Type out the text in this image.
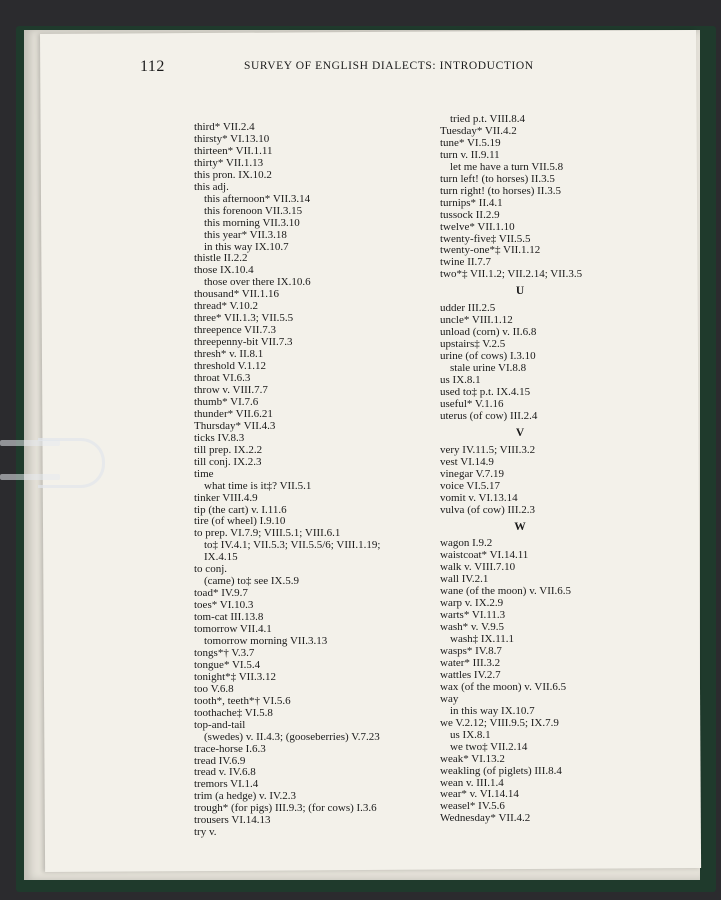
112	SURVEY OF ENGLISH DIALECTS: INTRODUCTION
third* VII.2.4
thirsty* VI.13.10
thirteen* VII.1.11
thirty* VII.1.13
this pron. IX.10.2
this adj.
this afternoon* VII.3.14
this forenoon VII.3.15
this morning VII.3.10
this year* VII.3.18
in this way IX.10.7
thistle II.2.2
those IX.10.4
those over there IX.10.6
thousand* VII.1.16
thread* V.10.2
three* VII.1.3; VII.5.5
threepence VII.7.3
threepenny-bit VII.7.3
thresh* v. II.8.1
threshold V.1.12
throat VI.6.3
throw v. VIII.7.7
thumb* VI.7.6
thunder* VII.6.21
Thursday* VII.4.3
ticks IV.8.3
till prep. IX.2.2
till conj. IX.2.3
time
what time is it‡? VII.5.1
tinker VIII.4.9
tip (the cart) v. I.11.6
tire (of wheel) I.9.10
to prep. VI.7.9; VIII.5.1; VIII.6.1
to‡ IV.4.1; VII.5.3; VII.5.5/6; VIII.1.19;
IX.4.15
to conj.
(came) to‡ see IX.5.9
toad* IV.9.7
toes* VI.10.3
tom-cat III.13.8
tomorrow VII.4.1
tomorrow morning VII.3.13
tongs*† V.3.7
tongue* VI.5.4
tonight*‡ VII.3.12
too V.6.8
tooth*, teeth*† VI.5.6
toothache‡ VI.5.8
top-and-tail
(swedes) v. II.4.3; (gooseberries) V.7.23
trace-horse I.6.3
tread IV.6.9
tread v. IV.6.8
tremors VI.1.4
trim (a hedge) v. IV.2.3
trough* (for pigs) III.9.3; (for cows) I.3.6
trousers VI.14.13
try v.
tried p.t. VIII.8.4
Tuesday* VII.4.2
tune* VI.5.19
turn v. II.9.11
let me have a turn VII.5.8
turn left! (to horses) II.3.5
turn right! (to horses) II.3.5
turnips* II.4.1
tussock II.2.9
twelve* VII.1.10
twenty-five‡ VII.5.5
twenty-one*‡ VII.1.12
twine II.7.7
two*‡ VII.1.2; VII.2.14; VII.3.5
U
udder III.2.5
uncle* VIII.1.12
unload (corn) v. II.6.8
upstairs‡ V.2.5
urine (of cows) I.3.10
stale urine VI.8.8
us IX.8.1
used to‡ p.t. IX.4.15
useful* V.1.16
uterus (of cow) III.2.4
V
very IV.11.5; VIII.3.2
vest VI.14.9
vinegar V.7.19
voice VI.5.17
vomit v. VI.13.14
vulva (of cow) III.2.3
W
wagon I.9.2
waistcoat* VI.14.11
walk v. VIII.7.10
wall IV.2.1
wane (of the moon) v. VII.6.5
warp v. IX.2.9
warts* VI.11.3
wash* v. V.9.5
wash‡ IX.11.1
wasps* IV.8.7
water* III.3.2
wattles IV.2.7
wax (of the moon) v. VII.6.5
way
in this way IX.10.7
we V.2.12; VIII.9.5; IX.7.9
us IX.8.1
we two‡ VII.2.14
weak* VI.13.2
weakling (of piglets) III.8.4
wean v. III.1.4
wear* v. VI.14.14
weasel* IV.5.6
Wednesday* VII.4.2
